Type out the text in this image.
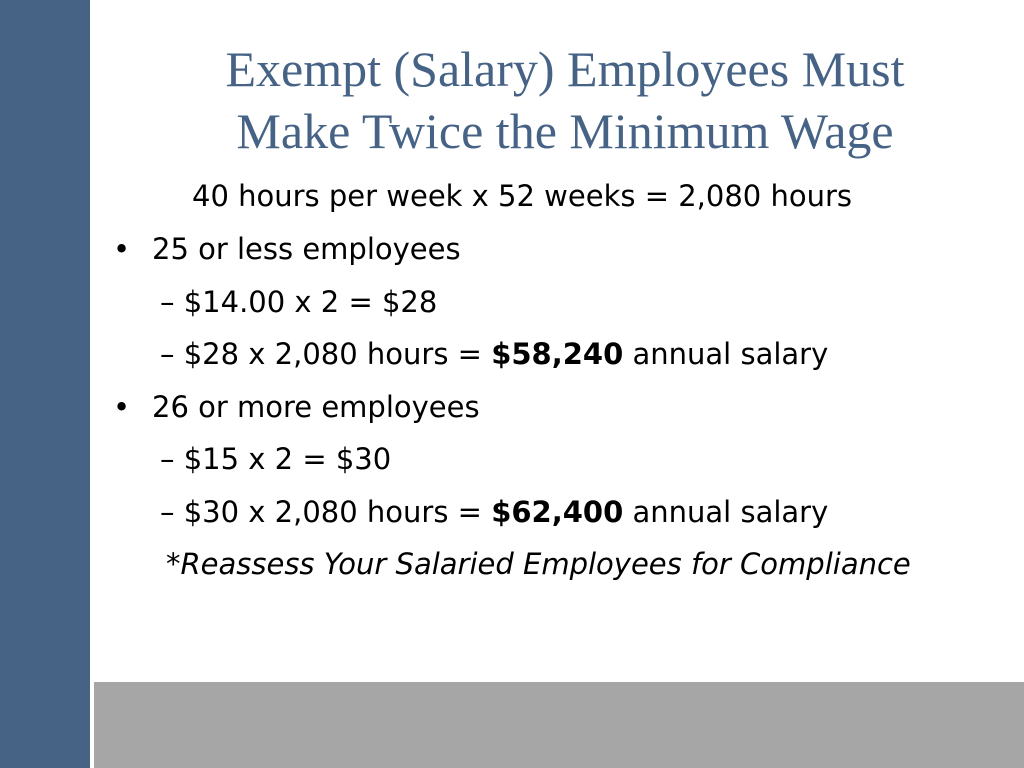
Exempt (Salary) Employees Must
Make Twice the Minimum Wage
40 hours per week x 52 weeks = 2,080 hours
• 25 or less employees
– $14.00 x 2 = $28
– $28 x 2,080 hours = $58,240 annual salary
• 26 or more employees
– $15 x 2 = $30
– $30 x 2,080 hours = $62,400 annual salary
*Reassess Your Salaried Employees for Compliance
